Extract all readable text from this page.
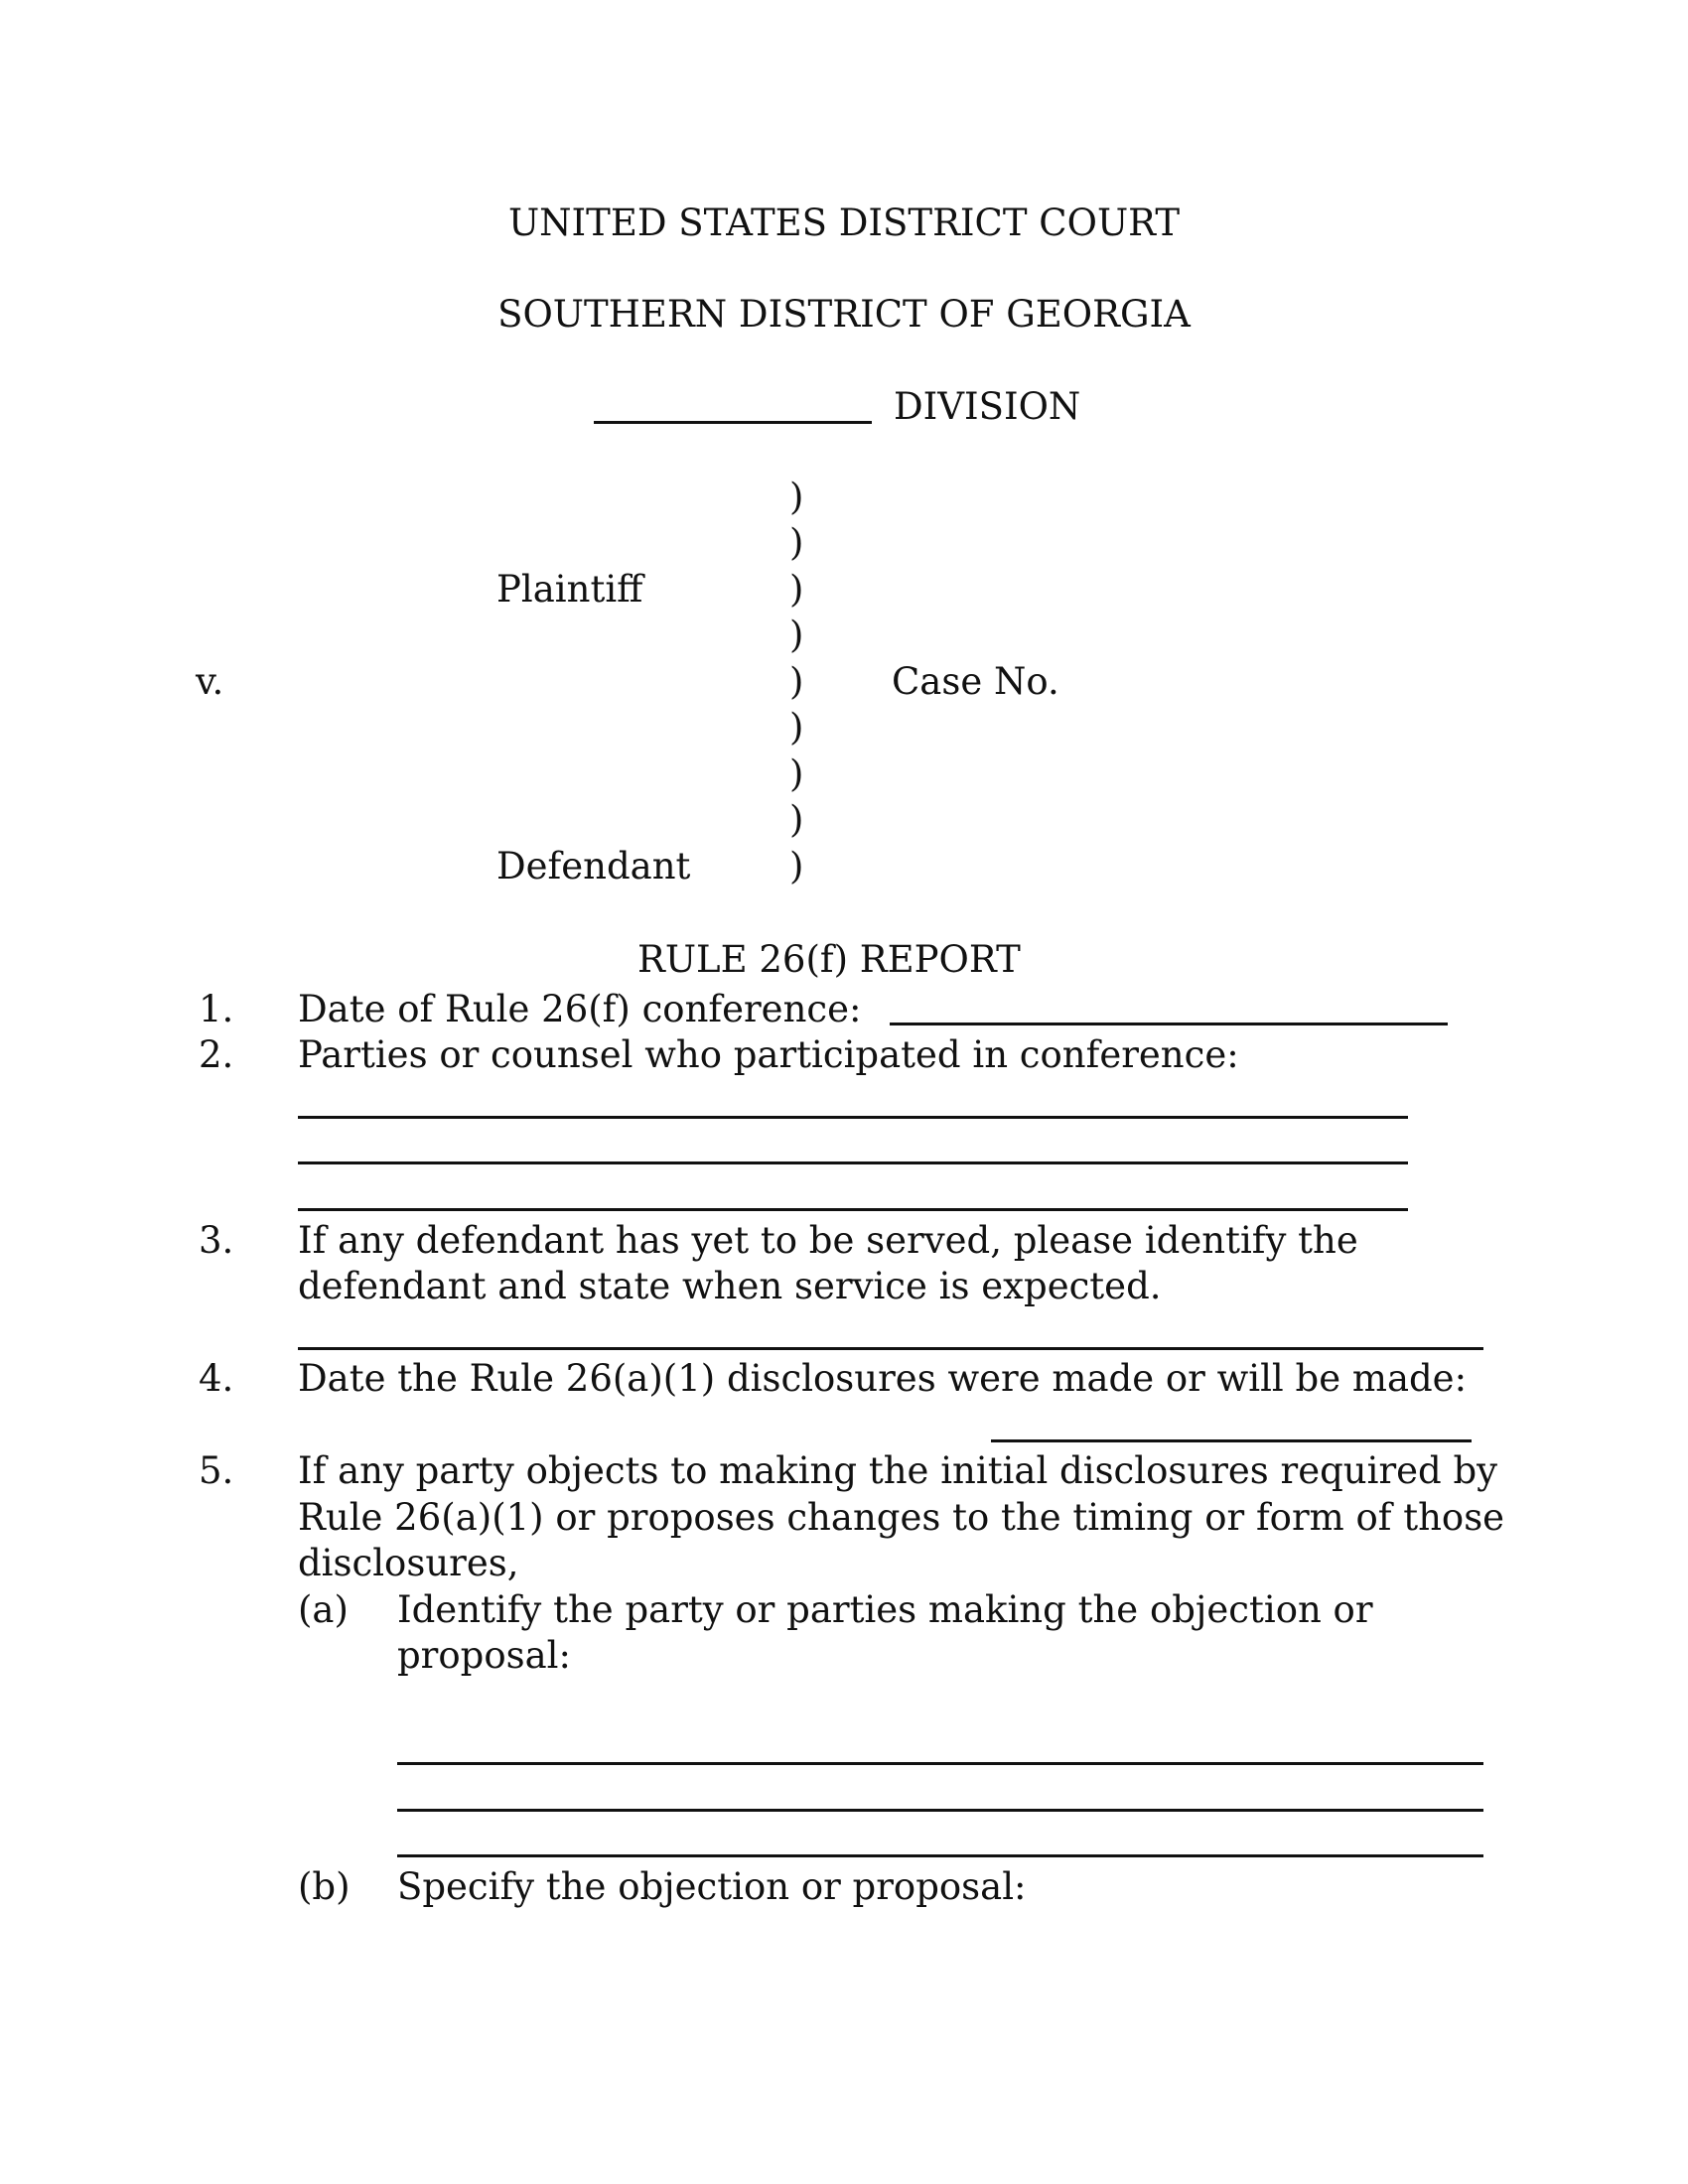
UNITED STATES DISTRICT COURT
SOUTHERN DISTRICT OF GEORGIA
DIVISION
)
)
)
)
)
)
)
)
)
Plaintiff
v.	Case No.
Defendant
RULE 26(f) REPORT
1. Date of Rule 26(f) conference:
2. Parties or counsel who participated in conference:
3. If any defendant has yet to be served, please identify the
defendant and state when service is expected.
4. Date the Rule 26(a)(1) disclosures were made or will be made:
5. If any party objects to making the initial disclosures required by
Rule 26(a)(1) or proposes changes to the timing or form of those
disclosures,
(a) Identify the party or parties making the objection or
proposal:
(b) Specify the objection or proposal:
